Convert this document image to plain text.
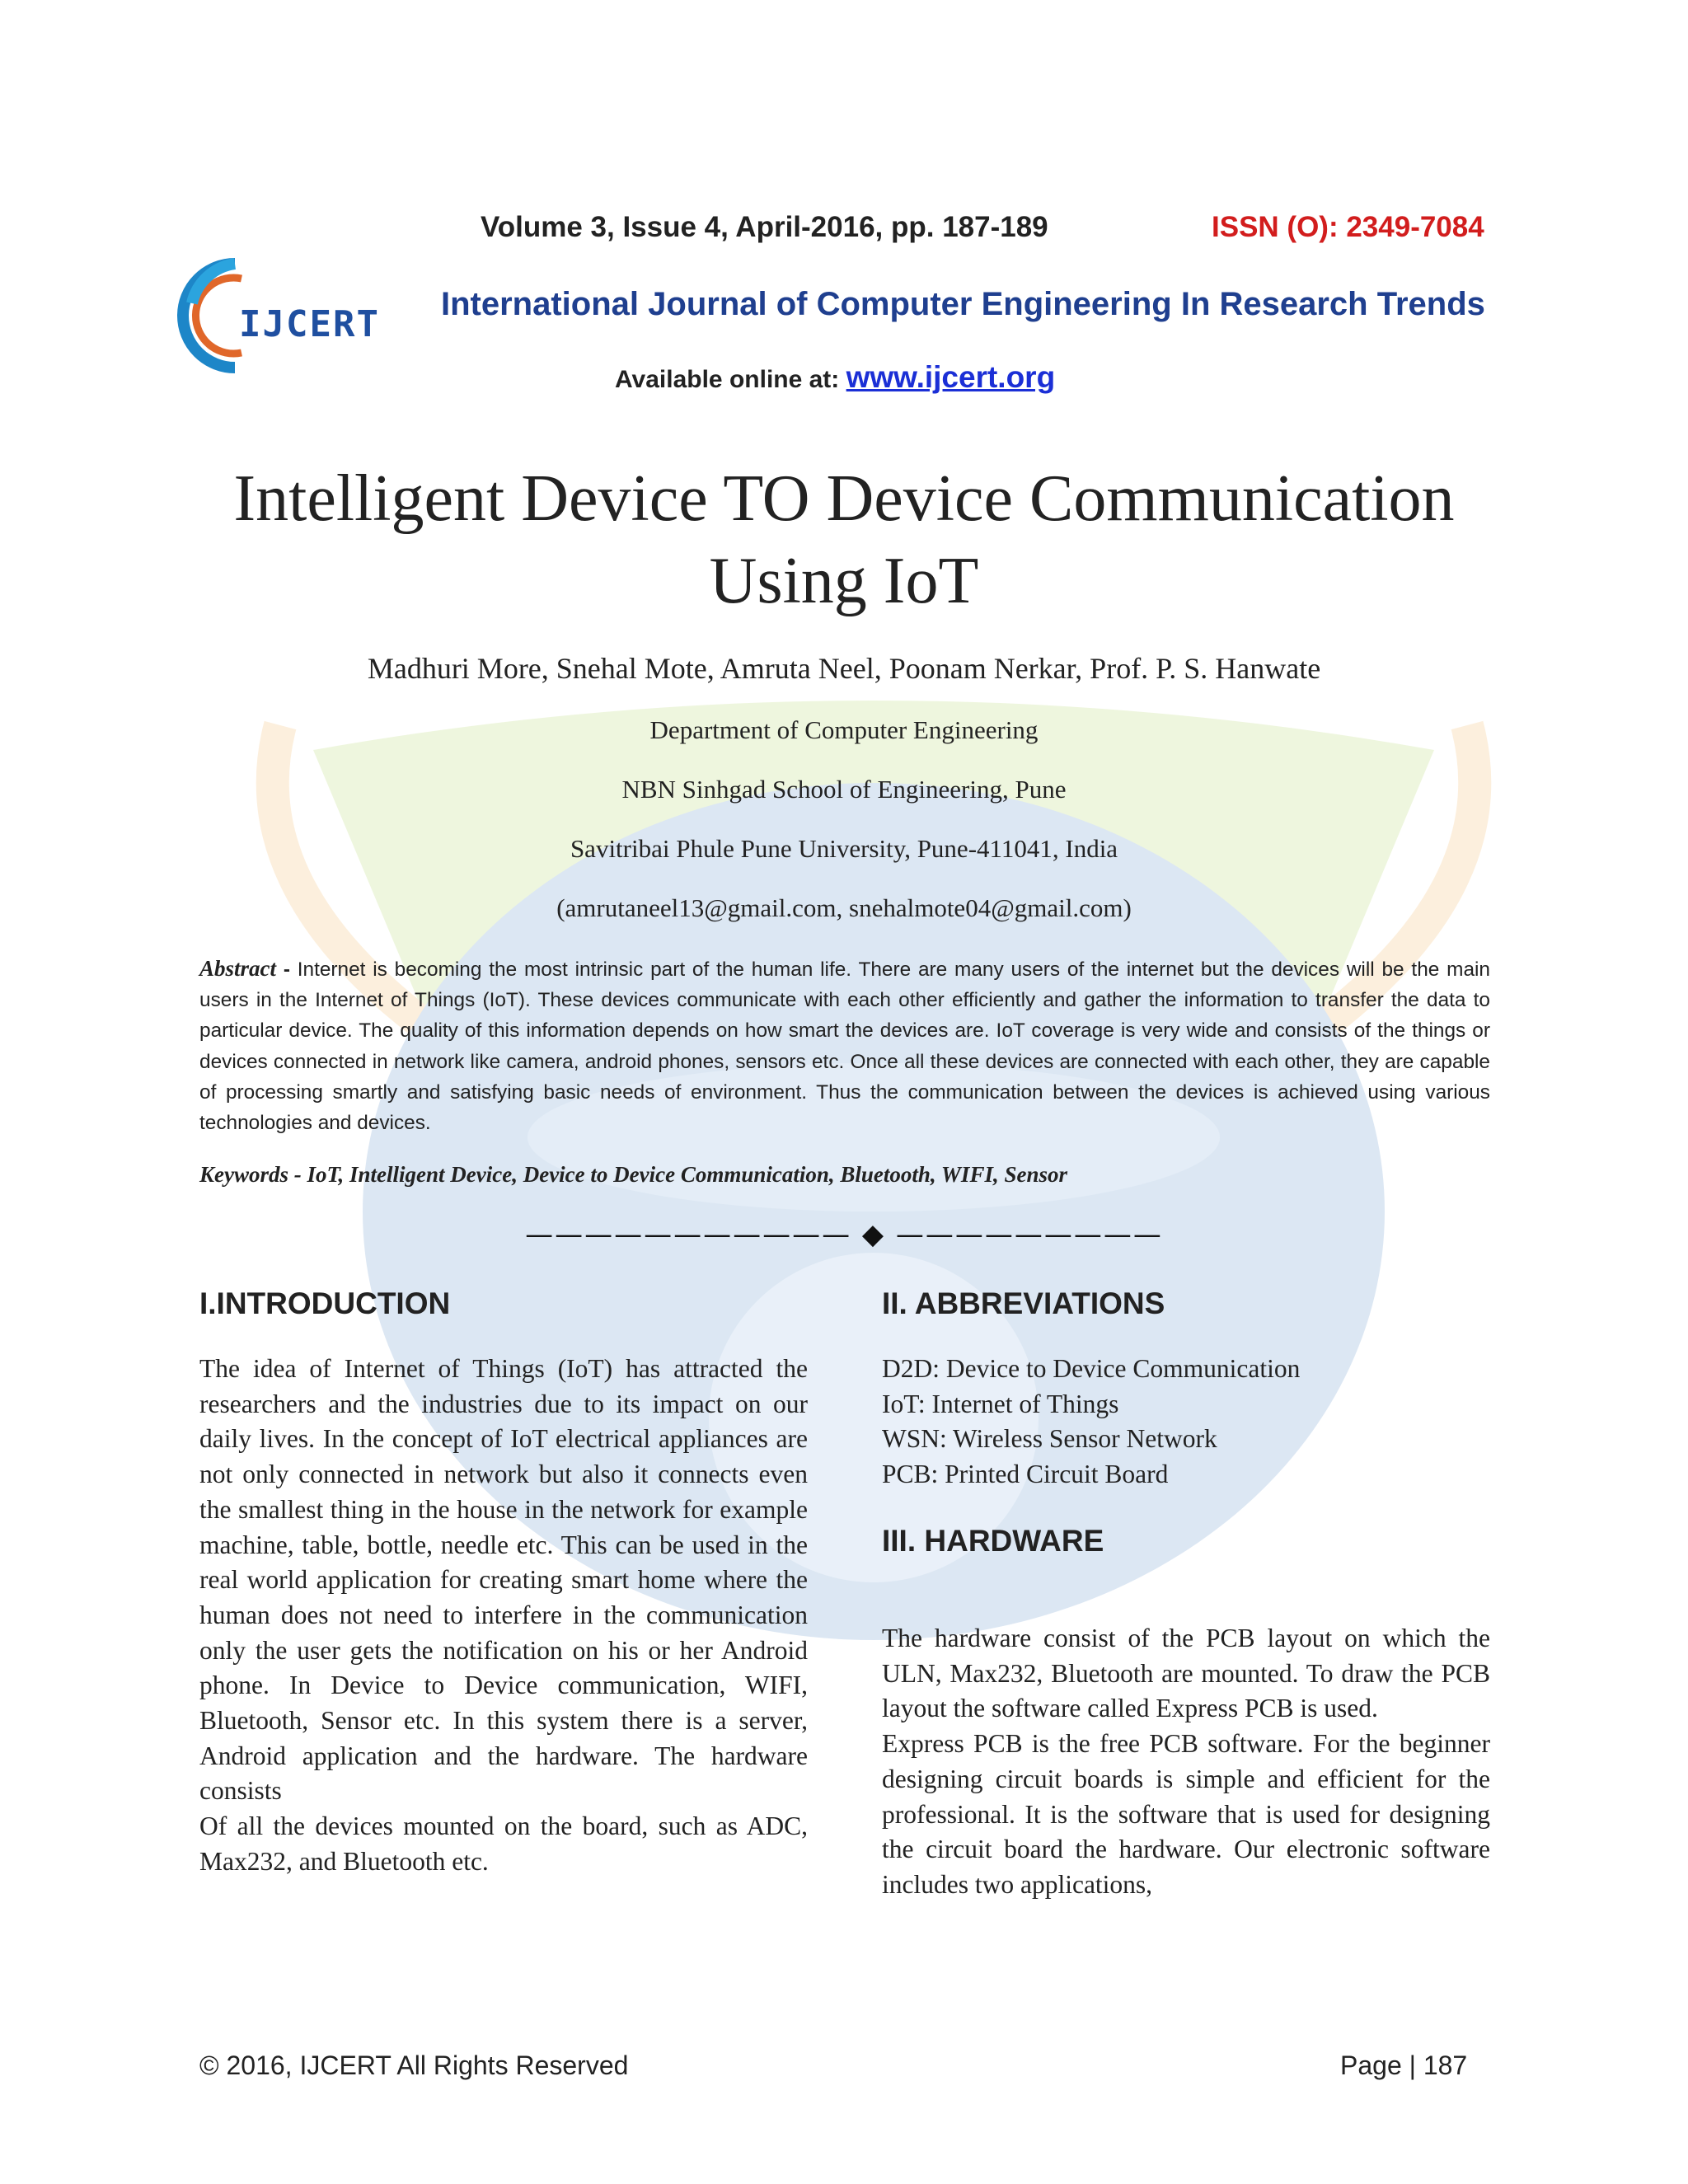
Volume 3, Issue 4, April-2016, pp. 187-189	ISSN (O): 2349-7084
IJCERT International Journal of Computer Engineering In Research Trends
Available online at: www.ijcert.org
Intelligent Device TO Device Communication
Using IoT
Madhuri More, Snehal Mote, Amruta Neel, Poonam Nerkar, Prof. P. S. Hanwate
Department of Computer Engineering
NBN Sinhgad School of Engineering, Pune
Savitribai Phule Pune University, Pune-411041, India
(amrutaneel13@gmail.com, snehalmote04@gmail.com)
Abstract - Internet is becoming the most intrinsic part of the human life. There are many users of the internet but the devices will be the main users in the Internet of Things (IoT). These devices communicate with each other efficiently and gather the information to transfer the data to particular device. The quality of this information depends on how smart the devices are. IoT coverage is very wide and consists of the things or devices connected in network like camera, android phones, sensors etc. Once all these devices are connected with each other, they are capable of processing smartly and satisfying basic needs of environment. Thus the communication between the devices is achieved using various technologies and devices.
Keywords - IoT, Intelligent Device, Device to Device Communication, Bluetooth, WIFI, Sensor
——————————— ◆ —————————
I.INTRODUCTION

The idea of Internet of Things (IoT) has attracted the researchers and the industries due to its impact on our daily lives. In the concept of IoT electrical appliances are not only connected in network but also it connects even the smallest thing in the house in the network for example machine, table, bottle, needle etc. This can be used in the real world application for creating smart home where the human does not need to interfere in the communication only the user gets the notification on his or her Android phone. In Device to Device communication, WIFI, Bluetooth, Sensor etc. In this system there is a server, Android application and the hardware. The hardware consists

Of all the devices mounted on the board, such as ADC, Max232, and Bluetooth etc.

II. ABBREVIATIONS
D2D: Device to Device Communication
IoT: Internet of Things
WSN: Wireless Sensor Network
PCB: Printed Circuit Board
III. HARDWARE

The hardware consist of the PCB layout on which the ULN, Max232, Bluetooth are mounted. To draw the PCB layout the software called Express PCB is used.

Express PCB is the free PCB software. For the beginner designing circuit boards is simple and efficient for the professional. It is the software that is used for designing the circuit board the hardware. Our electronic software includes two applications,

© 2016, IJCERT All Rights Reserved	Page | 187
